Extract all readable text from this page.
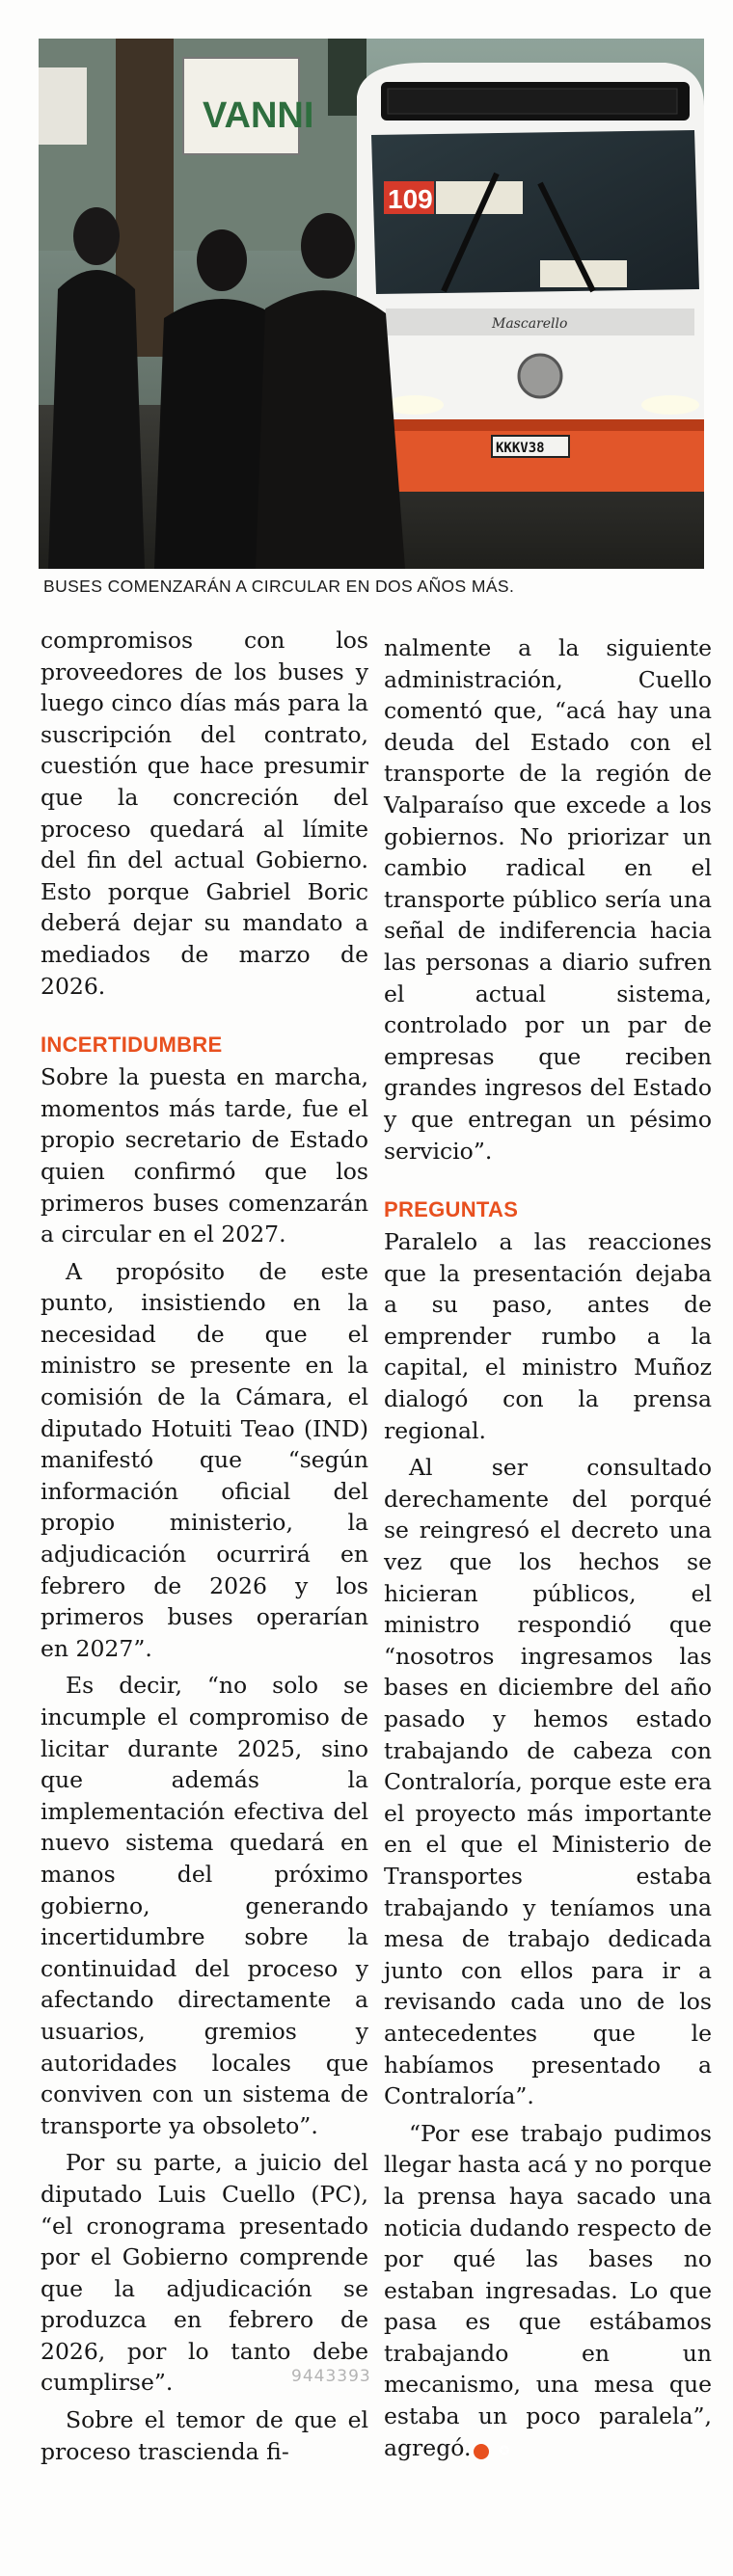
VANNI
109
Mascarello
KKKV38
BUSES COMENZARÁN A CIRCULAR EN DOS AÑOS MÁS.

compromisos con los proveedores de los buses y luego cinco días más para la suscripción del contrato, cuestión que hace presumir que la concreción del proceso quedará al límite del fin del actual Gobierno. Esto porque Gabriel Boric deberá dejar su mandato a mediados de marzo de 2026.

INCERTIDUMBRE

Sobre la puesta en marcha, momentos más tarde, fue el propio secretario de Estado quien confirmó que los primeros buses comenzarán a circular en el 2027.

A propósito de este punto, insistiendo en la necesidad de que el ministro se presente en la comisión de la Cámara, el diputado Hotuiti Teao (IND) manifestó que “según información oficial del propio ministerio, la adjudicación ocurrirá en febrero de 2026 y los primeros buses operarían en 2027”.

Es decir, “no solo se incumple el compromiso de licitar durante 2025, sino que además la implementación efectiva del nuevo sistema quedará en manos del próximo gobierno, generando incertidumbre sobre la continuidad del proceso y afectando directamente a usuarios, gremios y autoridades locales que conviven con un sistema de transporte ya obsoleto”.

Por su parte, a juicio del diputado Luis Cuello (PC), “el cronograma presentado por el Gobierno comprende que la adjudicación se produzca en febrero de 2026, por lo tanto debe cumplirse”.

Sobre el temor de que el proceso trascienda fi-

nalmente a la siguiente administración, Cuello comentó que, “acá hay una deuda del Estado con el transporte de la región de Valparaíso que excede a los gobiernos. No priorizar un cambio radical en el transporte público sería una señal de indiferencia hacia las personas a diario sufren el actual sistema, controlado por un par de empresas que reciben grandes ingresos del Estado y que entregan un pésimo servicio”.

PREGUNTAS

Paralelo a las reacciones que la presentación dejaba a su paso, antes de emprender rumbo a la capital, el ministro Muñoz dialogó con la prensa regional.

Al ser consultado derechamente del porqué se reingresó el decreto una vez que los hechos se hicieran públicos, el ministro respondió que “nosotros ingresamos las bases en diciembre del año pasado y hemos estado trabajando de cabeza con Contraloría, porque este era el proyecto más importante en el que el Ministerio de Transportes estaba trabajando y teníamos una mesa de trabajo dedicada junto con ellos para ir a revisando cada uno de los antecedentes que le habíamos presentado a Contraloría”.

“Por ese trabajo pudimos llegar hasta acá y no porque la prensa haya sacado una noticia dudando respecto de por qué las bases no estaban ingresadas. Lo que pasa es que estábamos trabajando en un mecanismo, una mesa que estaba un poco paralela”, agregó. ✪

9443393
